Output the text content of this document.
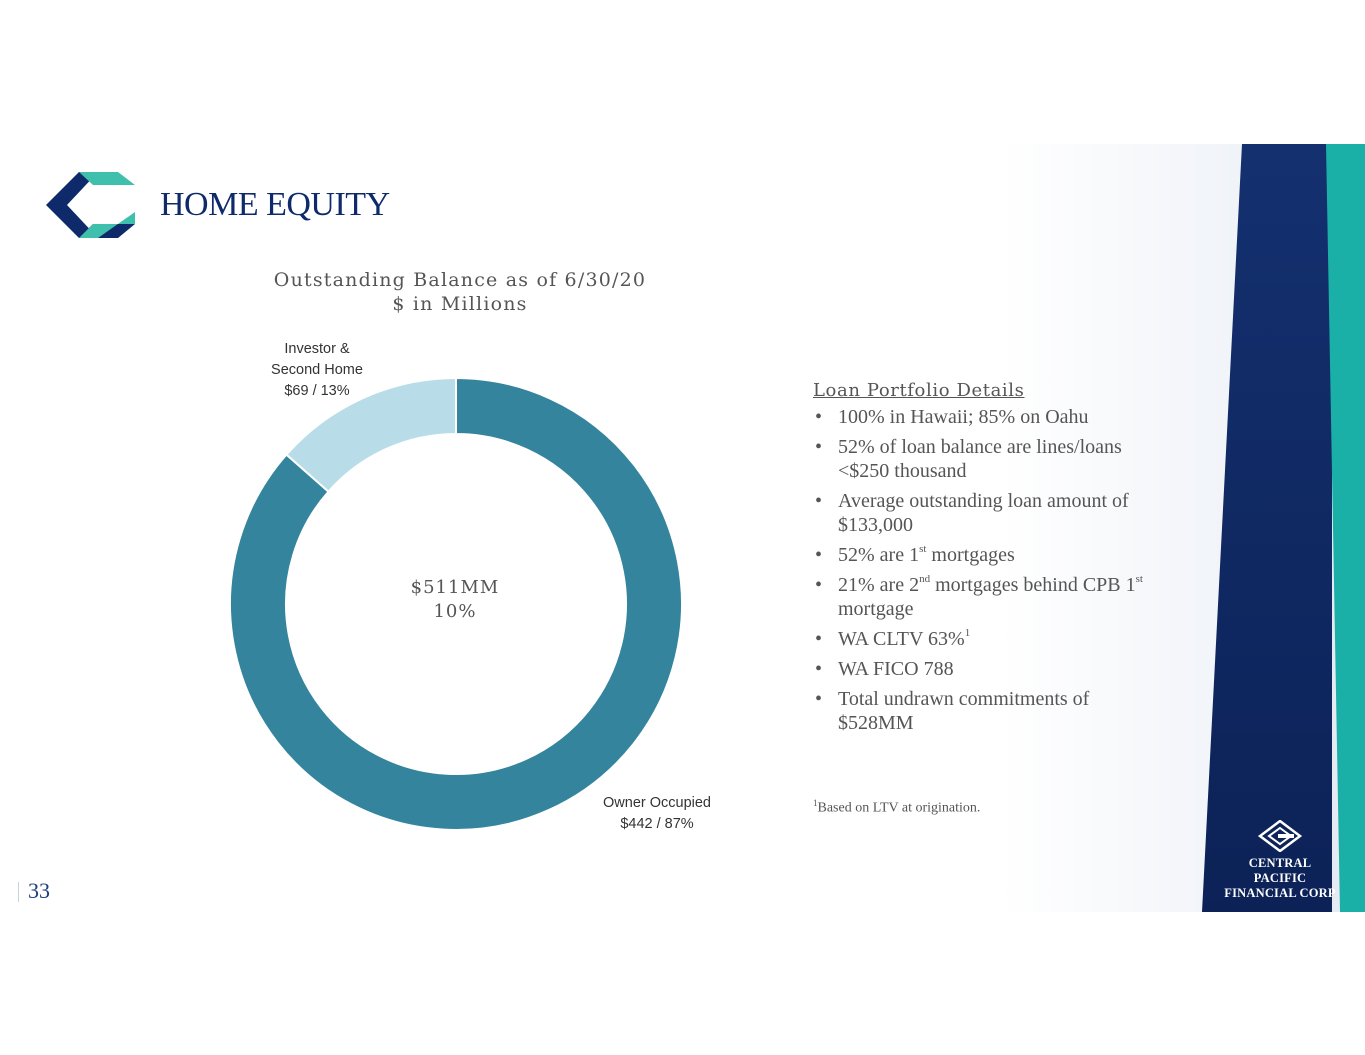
HOME EQUITY
Outstanding Balance as of 6/30/20
$ in Millions
Investor &
Second Home
$69 / 13%
Owner Occupied
$442 / 87%
$511MM
10%
Loan Portfolio Details
• 100% in Hawaii; 85% on Oahu
• 52% of loan balance are lines/loans <$250 thousand
• Average outstanding loan amount of $133,000
• 52% are 1st mortgages
• 21% are 2nd mortgages behind CPB 1st mortgage
• WA CLTV 63%$^1$
• WA FICO 788
• Total undrawn commitments of $528MM
$^1$Based on LTV at origination.
33
CENTRAL PACIFIC
FINANCIAL CORP
